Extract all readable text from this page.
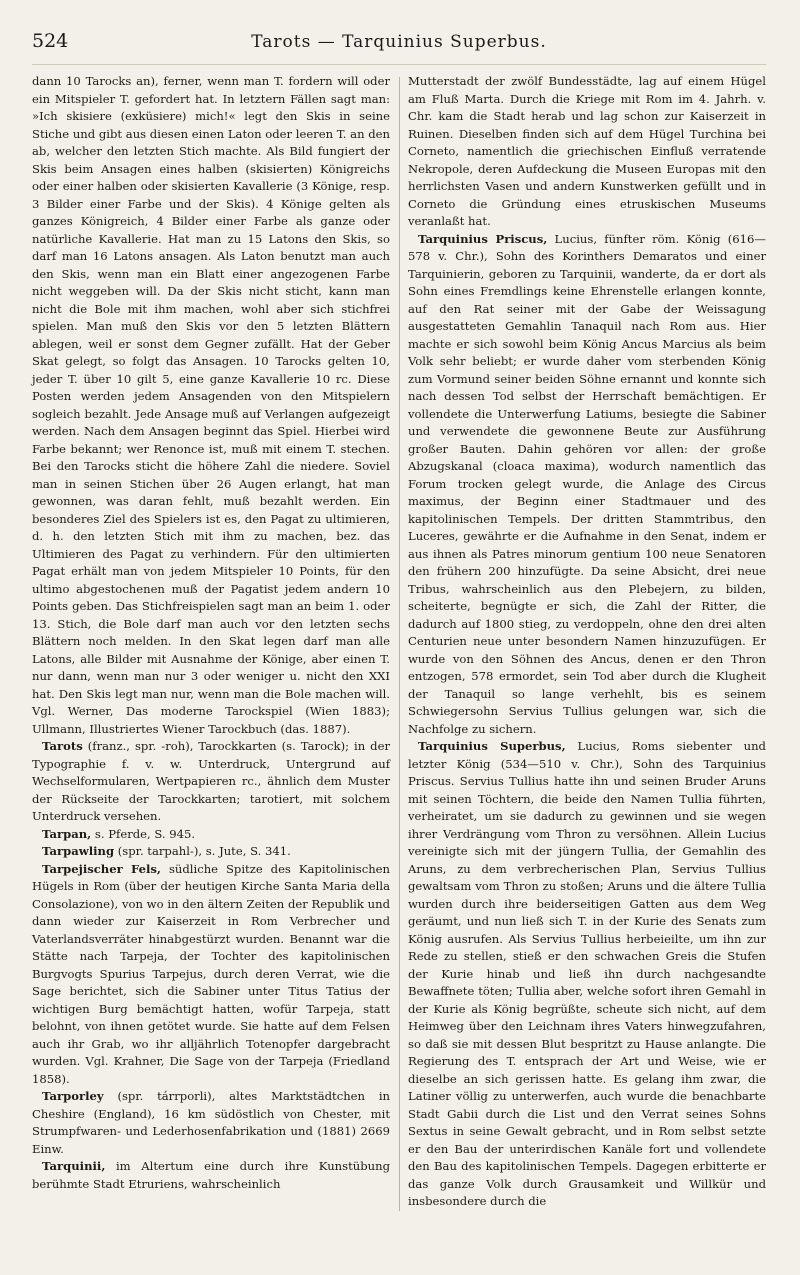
524	Tarots — Tarquinius Superbus.

dann 10 Tarocks an), ferner, wenn man T. fordern will oder ein Mitspieler T. gefordert hat. In letztern Fällen sagt man: »Ich skisiere (exküsiere) mich!« legt den Skis in seine Stiche und gibt aus diesen einen Laton oder leeren T. an den ab, welcher den letzten Stich machte. Als Bild fungiert der Skis beim Ansagen eines halben (skisierten) Königreichs oder einer halben oder skisierten Kavallerie (3 Könige, resp. 3 Bilder einer Farbe und der Skis). 4 Könige gelten als ganzes Königreich, 4 Bilder einer Farbe als ganze oder natürliche Kavallerie. Hat man zu 15 Latons den Skis, so darf man 16 Latons ansagen. Als Laton benutzt man auch den Skis, wenn man ein Blatt einer angezogenen Farbe nicht weggeben will. Da der Skis nicht sticht, kann man nicht die Bole mit ihm machen, wohl aber sich stichfrei spielen. Man muß den Skis vor den 5 letzten Blättern ablegen, weil er sonst dem Gegner zufällt. Hat der Geber Skat gelegt, so folgt das Ansagen. 10 Tarocks gelten 10, jeder T. über 10 gilt 5, eine ganze Kavallerie 10 rc. Diese Posten werden jedem Ansagenden von den Mitspielern sogleich bezahlt. Jede Ansage muß auf Verlangen aufgezeigt werden. Nach dem Ansagen beginnt das Spiel. Hierbei wird Farbe bekannt; wer Renonce ist, muß mit einem T. stechen. Bei den Tarocks sticht die höhere Zahl die niedere. Soviel man in seinen Stichen über 26 Augen erlangt, hat man gewonnen, was daran fehlt, muß bezahlt werden. Ein besonderes Ziel des Spielers ist es, den Pagat zu ultimieren, d. h. den letzten Stich mit ihm zu machen, bez. das Ultimieren des Pagat zu verhindern. Für den ultimierten Pagat erhält man von jedem Mitspieler 10 Points, für den ultimo abgestochenen muß der Pagatist jedem andern 10 Points geben. Das Stichfreispielen sagt man an beim 1. oder 13. Stich, die Bole darf man auch vor den letzten sechs Blättern noch melden. In den Skat legen darf man alle Latons, alle Bilder mit Ausnahme der Könige, aber einen T. nur dann, wenn man nur 3 oder weniger u. nicht den XXI hat. Den Skis legt man nur, wenn man die Bole machen will. Vgl. Werner, Das moderne Tarockspiel (Wien 1883); Ullmann, Illustriertes Wiener Tarockbuch (das. 1887).

Tarots (franz., spr. -roh), Tarockkarten (s. Tarock); in der Typographie f. v. w. Unterdruck, Untergrund auf Wechselformularen, Wertpapieren rc., ähnlich dem Muster der Rückseite der Tarockkarten; tarotiert, mit solchem Unterdruck versehen.

Tarpan, s. Pferde, S. 945.

Tarpawling (spr. tarpahl-), s. Jute, S. 341.

Tarpejischer Fels, südliche Spitze des Kapitolinischen Hügels in Rom (über der heutigen Kirche Santa Maria della Consolazione), von wo in den ältern Zeiten der Republik und dann wieder zur Kaiserzeit in Rom Verbrecher und Vaterlandsverräter hinabgestürzt wurden. Benannt war die Stätte nach Tarpeja, der Tochter des kapitolinischen Burgvogts Spurius Tarpejus, durch deren Verrat, wie die Sage berichtet, sich die Sabiner unter Titus Tatius der wichtigen Burg bemächtigt hatten, wofür Tarpeja, statt belohnt, von ihnen getötet wurde. Sie hatte auf dem Felsen auch ihr Grab, wo ihr alljährlich Totenopfer dargebracht wurden. Vgl. Krahner, Die Sage von der Tarpeja (Friedland 1858).

Tarporley (spr. tárrporli), altes Marktstädtchen in Cheshire (England), 16 km südöstlich von Chester, mit Strumpfwaren- und Lederhosenfabrikation und (1881) 2669 Einw.

Tarquinii, im Altertum eine durch ihre Kunstübung berühmte Stadt Etruriens, wahrscheinlich

Mutterstadt der zwölf Bundesstädte, lag auf einem Hügel am Fluß Marta. Durch die Kriege mit Rom im 4. Jahrh. v. Chr. kam die Stadt herab und lag schon zur Kaiserzeit in Ruinen. Dieselben finden sich auf dem Hügel Turchina bei Corneto, namentlich die griechischen Einfluß verratende Nekropole, deren Aufdeckung die Museen Europas mit den herrlichsten Vasen und andern Kunstwerken gefüllt und in Corneto die Gründung eines etruskischen Museums veranlaßt hat.

Tarquinius Priscus, Lucius, fünfter röm. König (616—578 v. Chr.), Sohn des Korinthers Demaratos und einer Tarquinierin, geboren zu Tarquinii, wanderte, da er dort als Sohn eines Fremdlings keine Ehrenstelle erlangen konnte, auf den Rat seiner mit der Gabe der Weissagung ausgestatteten Gemahlin Tanaquil nach Rom aus. Hier machte er sich sowohl beim König Ancus Marcius als beim Volk sehr beliebt; er wurde daher vom sterbenden König zum Vormund seiner beiden Söhne ernannt und konnte sich nach dessen Tod selbst der Herrschaft bemächtigen. Er vollendete die Unterwerfung Latiums, besiegte die Sabiner und verwendete die gewonnene Beute zur Ausführung großer Bauten. Dahin gehören vor allen: der große Abzugskanal (cloaca maxima), wodurch namentlich das Forum trocken gelegt wurde, die Anlage des Circus maximus, der Beginn einer Stadtmauer und des kapitolinischen Tempels. Der dritten Stammtribus, den Luceres, gewährte er die Aufnahme in den Senat, indem er aus ihnen als Patres minorum gentium 100 neue Senatoren den frühern 200 hinzufügte. Da seine Absicht, drei neue Tribus, wahrscheinlich aus den Plebejern, zu bilden, scheiterte, begnügte er sich, die Zahl der Ritter, die dadurch auf 1800 stieg, zu verdoppeln, ohne den drei alten Centurien neue unter besondern Namen hinzuzufügen. Er wurde von den Söhnen des Ancus, denen er den Thron entzogen, 578 ermordet, sein Tod aber durch die Klugheit der Tanaquil so lange verhehlt, bis es seinem Schwiegersohn Servius Tullius gelungen war, sich die Nachfolge zu sichern.

Tarquinius Superbus, Lucius, Roms siebenter und letzter König (534—510 v. Chr.), Sohn des Tarquinius Priscus. Servius Tullius hatte ihn und seinen Bruder Aruns mit seinen Töchtern, die beide den Namen Tullia führten, verheiratet, um sie dadurch zu gewinnen und sie wegen ihrer Verdrängung vom Thron zu versöhnen. Allein Lucius vereinigte sich mit der jüngern Tullia, der Gemahlin des Aruns, zu dem verbrecherischen Plan, Servius Tullius gewaltsam vom Thron zu stoßen; Aruns und die ältere Tullia wurden durch ihre beiderseitigen Gatten aus dem Weg geräumt, und nun ließ sich T. in der Kurie des Senats zum König ausrufen. Als Servius Tullius herbeieilte, um ihn zur Rede zu stellen, stieß er den schwachen Greis die Stufen der Kurie hinab und ließ ihn durch nachgesandte Bewaffnete töten; Tullia aber, welche sofort ihren Gemahl in der Kurie als König begrüßte, scheute sich nicht, auf dem Heimweg über den Leichnam ihres Vaters hinwegzufahren, so daß sie mit dessen Blut bespritzt zu Hause anlangte. Die Regierung des T. entsprach der Art und Weise, wie er dieselbe an sich gerissen hatte. Es gelang ihm zwar, die Latiner völlig zu unterwerfen, auch wurde die benachbarte Stadt Gabii durch die List und den Verrat seines Sohns Sextus in seine Gewalt gebracht, und in Rom selbst setzte er den Bau der unterirdischen Kanäle fort und vollendete den Bau des kapitolinischen Tempels. Dagegen erbitterte er das ganze Volk durch Grausamkeit und Willkür und insbesondere durch die
